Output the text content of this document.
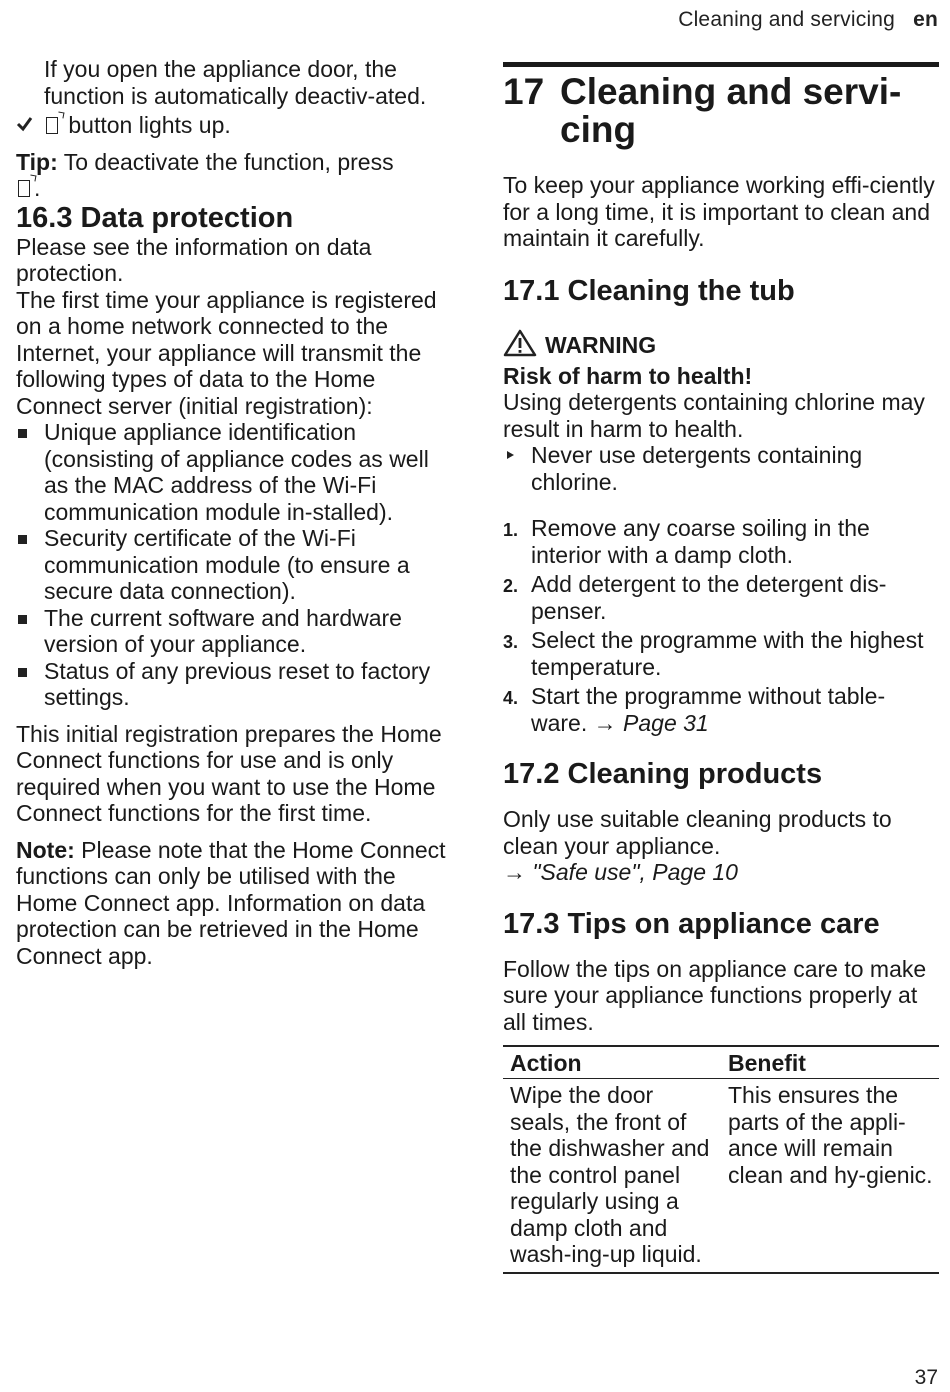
Cleaning and servicing en

If you open the appliance door, the function is automatically deactiv-ated.

button lights up.

Tip: To deactivate the function, press
.

16.3 Data protection

Please see the information on data protection.

The first time your appliance is registered on a home network connected to the Internet, your appliance will transmit the following types of data to the Home Connect server (initial registration):

Unique appliance identification (consisting of appliance codes as well as the MAC address of the Wi-Fi communication module in-stalled).
Security certificate of the Wi-Fi communication module (to ensure a secure data connection).
The current software and hardware version of your appliance.
Status of any previous reset to factory settings.

This initial registration prepares the Home Connect functions for use and is only required when you want to use the Home Connect functions for the first time.

Note: Please note that the Home Connect functions can only be utilised with the Home Connect app. Information on data protection can be retrieved in the Home Connect app.

17 Cleaning and servi-cing

To keep your appliance working effi-ciently for a long time, it is important to clean and maintain it carefully.

17.1 Cleaning the tub
WARNING

Risk of harm to health!

Using detergents containing chlorine may result in harm to health.

Never use detergents containing chlorine.
1. Remove any coarse soiling in the interior with a damp cloth.
2. Add detergent to the detergent dis-penser.
3. Select the programme with the highest temperature.
4. Start the programme without table-ware. → Page 31
17.2 Cleaning products

Only use suitable cleaning products to clean your appliance.

→ "Safe use", Page 10

17.3 Tips on appliance care

Follow the tips on appliance care to make sure your appliance functions properly at all times.

Action	Benefit
Wipe the door seals, the front of the dishwasher and the control panel regularly using a damp cloth and wash-ing-up liquid.	This ensures the parts of the appli-ance will remain clean and hy-gienic.
37
